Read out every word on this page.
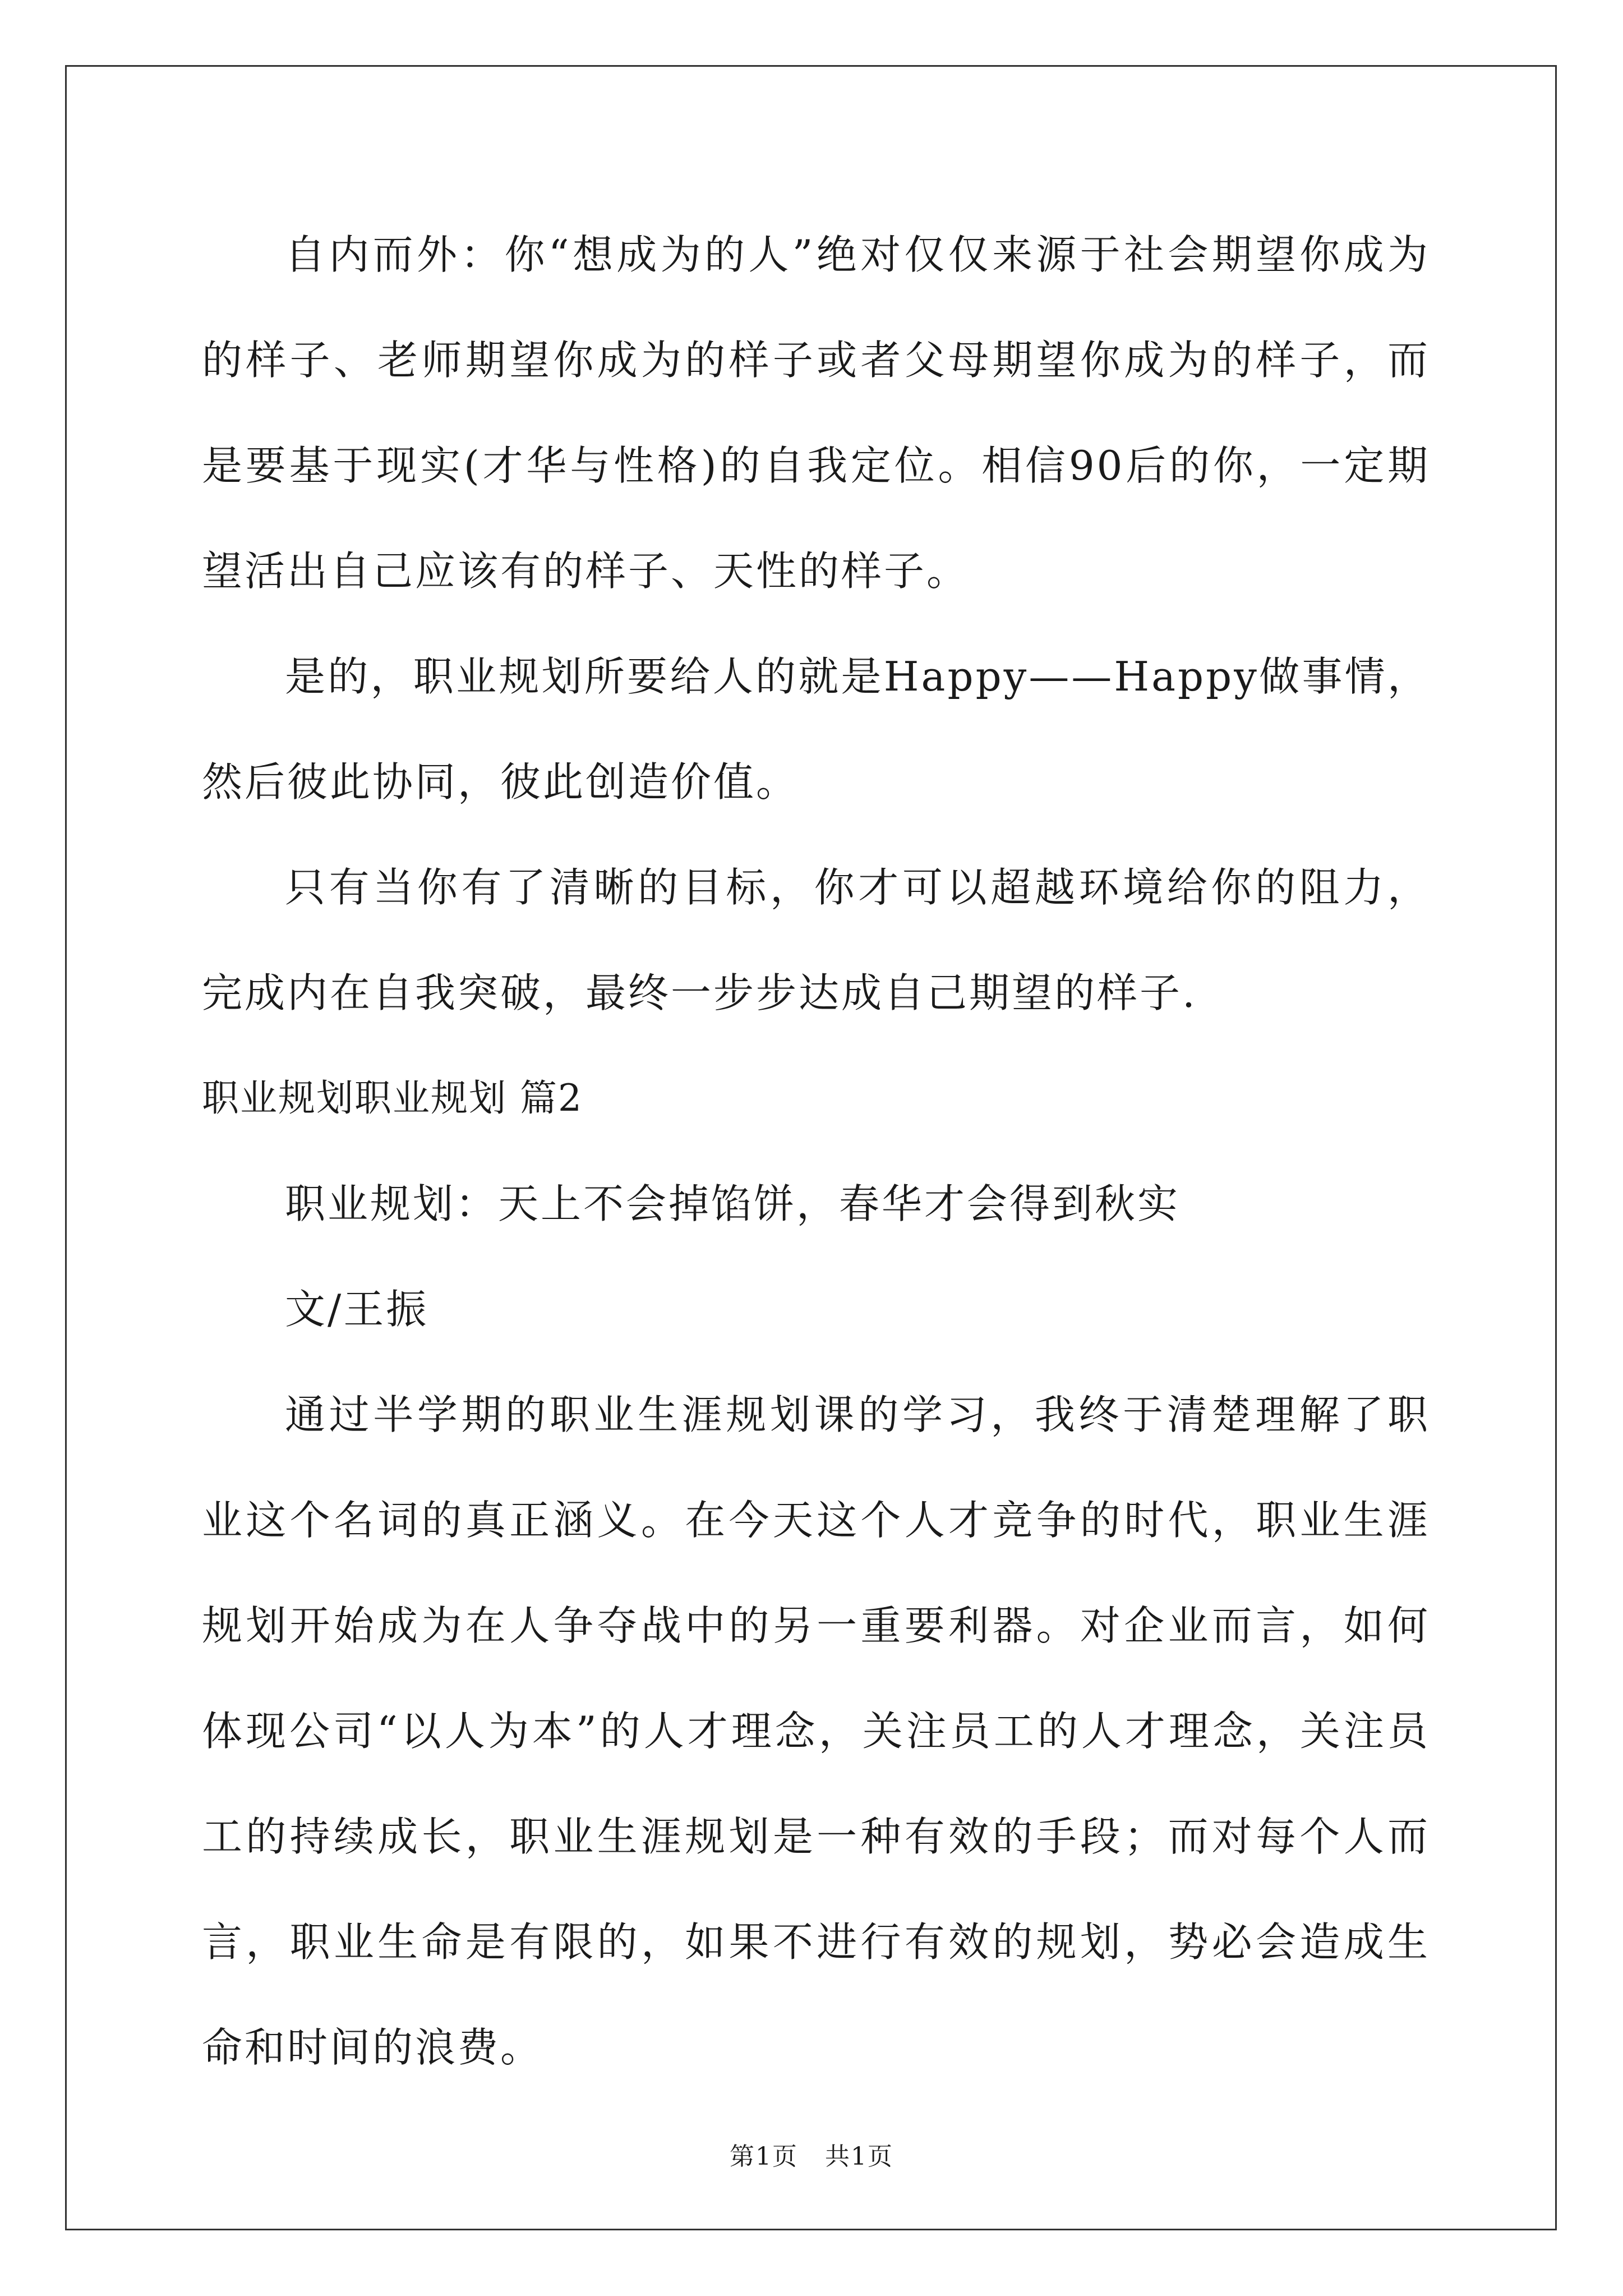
自内而外：你“想成为的人”绝对仅仅来源于社会期望你成为的样子、老师期望你成为的样子或者父母期望你成为的样子，而是要基于现实(才华与性格)的自我定位。相信90后的你，一定期望活出自己应该有的样子、天性的样子。

是的，职业规划所要给人的就是Happy——Happy做事情，然后彼此协同，彼此创造价值。

只有当你有了清晰的目标，你才可以超越环境给你的阻力，完成内在自我突破，最终一步步达成自己期望的样子.

职业规划职业规划 篇2

职业规划：天上不会掉馅饼，春华才会得到秋实

文/王振

通过半学期的职业生涯规划课的学习，我终于清楚理解了职业这个名词的真正涵义。在今天这个人才竞争的时代，职业生涯规划开始成为在人争夺战中的另一重要利器。对企业而言，如何体现公司“以人为本”的人才理念，关注员工的人才理念，关注员工的持续成长，职业生涯规划是一种有效的手段；而对每个人而言，职业生命是有限的，如果不进行有效的规划，势必会造成生命和时间的浪费。

第1页 共1页
